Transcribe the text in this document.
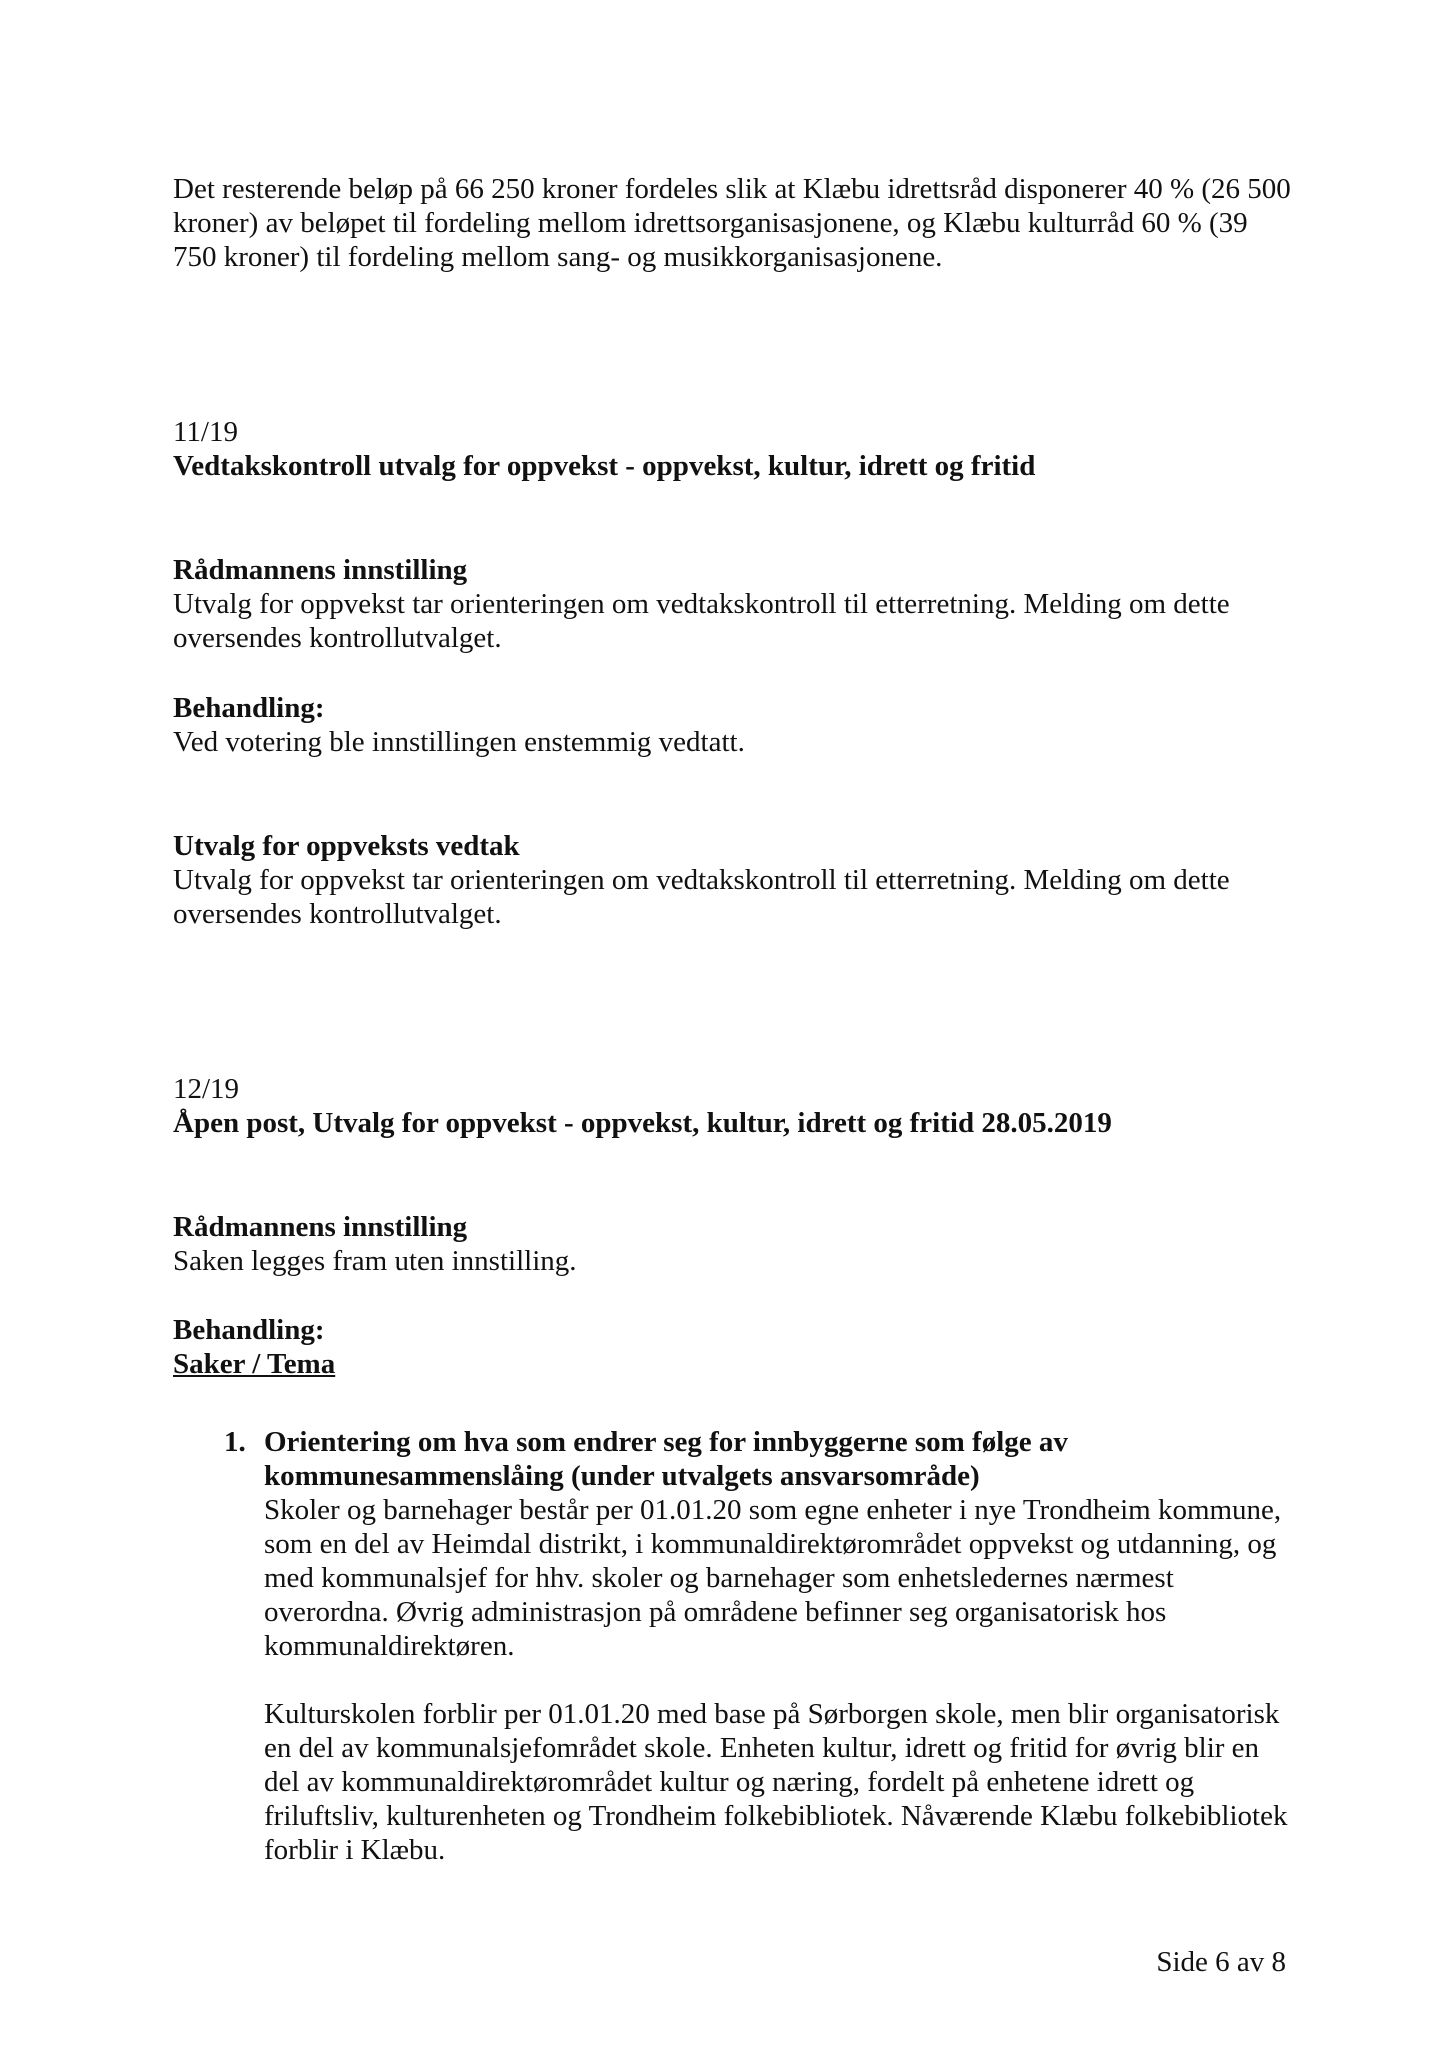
Det resterende beløp på 66 250 kroner fordeles slik at Klæbu idrettsråd disponerer 40 % (26 500 kroner) av beløpet til fordeling mellom idrettsorganisasjonene, og Klæbu kulturråd 60 % (39 750 kroner) til fordeling mellom sang- og musikkorganisasjonene.

11/19

Vedtakskontroll utvalg for oppvekst - oppvekst, kultur, idrett og fritid

Rådmannens innstilling

Utvalg for oppvekst tar orienteringen om vedtakskontroll til etterretning. Melding om dette oversendes kontrollutvalget.

Behandling:

Ved votering ble innstillingen enstemmig vedtatt.

Utvalg for oppveksts vedtak

Utvalg for oppvekst tar orienteringen om vedtakskontroll til etterretning. Melding om dette oversendes kontrollutvalget.

12/19

Åpen post, Utvalg for oppvekst - oppvekst, kultur, idrett og fritid 28.05.2019

Rådmannens innstilling

Saken legges fram uten innstilling.

Behandling:

Saker / Tema

1. Orientering om hva som endrer seg for innbyggerne som følge av kommunesammenslåing (under utvalgets ansvarsområde)

Skoler og barnehager består per 01.01.20 som egne enheter i nye Trondheim kommune, som en del av Heimdal distrikt, i kommunaldirektørområdet oppvekst og utdanning, og med kommunalsjef for hhv. skoler og barnehager som enhetsledernes nærmest overordna. Øvrig administrasjon på områdene befinner seg organisatorisk hos kommunaldirektøren.

Kulturskolen forblir per 01.01.20 med base på Sørborgen skole, men blir organisatorisk en del av kommunalsjefområdet skole. Enheten kultur, idrett og fritid for øvrig blir en del av kommunaldirektørområdet kultur og næring, fordelt på enhetene idrett og friluftsliv, kulturenheten og Trondheim folkebibliotek. Nåværende Klæbu folkebibliotek forblir i Klæbu.

Side 6 av 8
